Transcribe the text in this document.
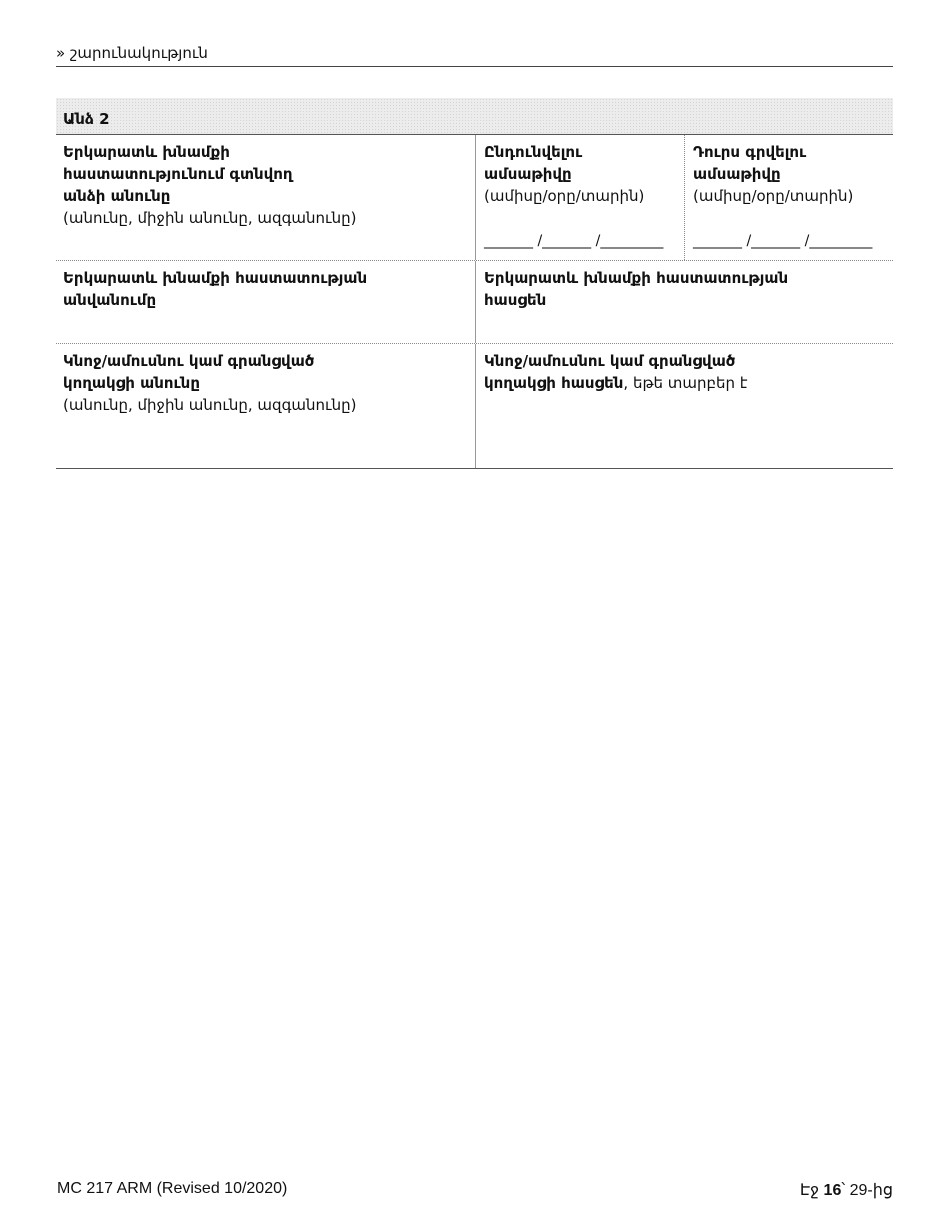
» շարունակություն
Անձ 2
Երկարատև խնամքի
հաստատությունում գտնվող
անձի անունը
(անունը, միջին անունը, ազգանունը)
Ընդունվելու
ամսաթիվը
(ամիսը/օրը/տարին)
_______ /_______ /_________
Դուրս գրվելու
ամսաթիվը
(ամիսը/օրը/տարին)
_______ /_______ /_________
Երկարատև խնամքի հաստատության
անվանումը
Երկարատև խնամքի հաստատության
հասցեն
Կնոջ/ամուսնու կամ գրանցված
կողակցի անունը
(անունը, միջին անունը, ազգանունը)
Կնոջ/ամուսնու կամ գրանցված
կողակցի հասցեն, եթե տարբեր է
MC 217 ARM (Revised 10/2020)	Էջ 16՝ 29-ից
